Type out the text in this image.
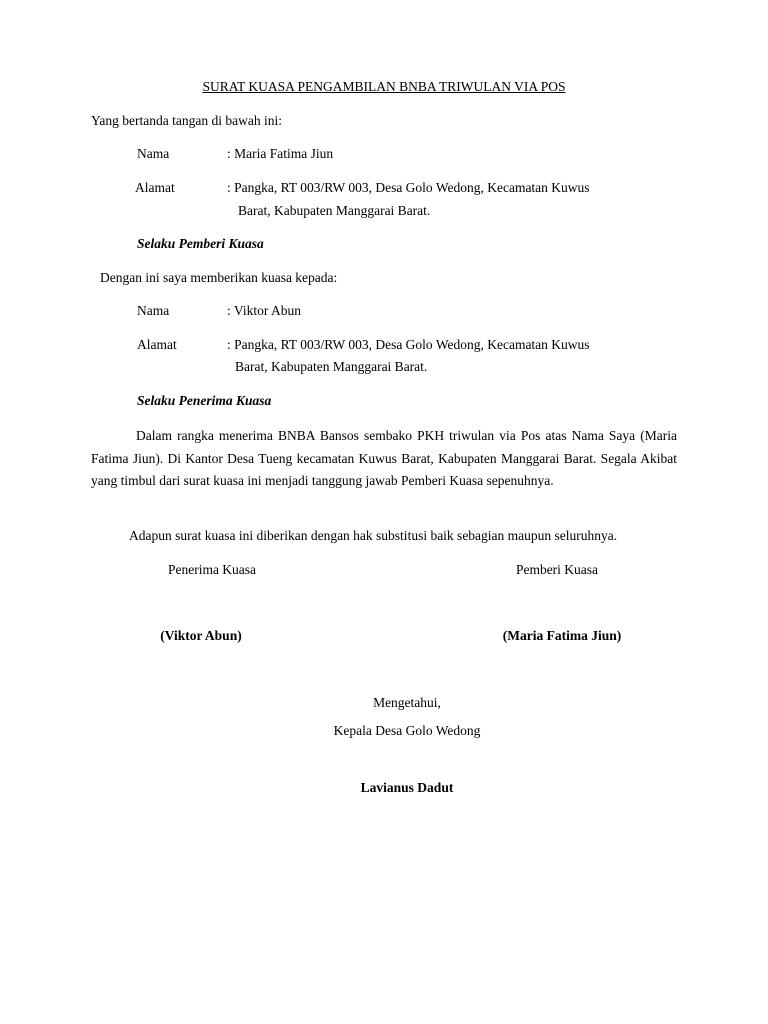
SURAT KUASA PENGAMBILAN BNBA TRIWULAN VIA POS
Yang bertanda tangan di bawah ini:
Nama	: Maria Fatima Jiun
Alamat	: Pangka, RT 003/RW 003, Desa Golo Wedong, Kecamatan Kuwus
Barat, Kabupaten Manggarai Barat.
Selaku Pemberi Kuasa
Dengan ini saya memberikan kuasa kepada:
Nama	: Viktor Abun
Alamat	: Pangka, RT 003/RW 003, Desa Golo Wedong, Kecamatan Kuwus
Barat, Kabupaten Manggarai Barat.
Selaku Penerima Kuasa
Dalam rangka menerima BNBA Bansos sembako PKH triwulan via Pos atas Nama Saya (Maria Fatima Jiun). Di Kantor Desa Tueng kecamatan Kuwus Barat, Kabupaten Manggarai Barat. Segala Akibat yang timbul dari surat kuasa ini menjadi tanggung jawab Pemberi Kuasa sepenuhnya.
Adapun surat kuasa ini diberikan dengan hak substitusi baik sebagian maupun seluruhnya.
Penerima Kuasa	Pemberi Kuasa
(Viktor Abun)	(Maria Fatima Jiun)
Mengetahui,
Kepala Desa Golo Wedong
Lavianus Dadut
